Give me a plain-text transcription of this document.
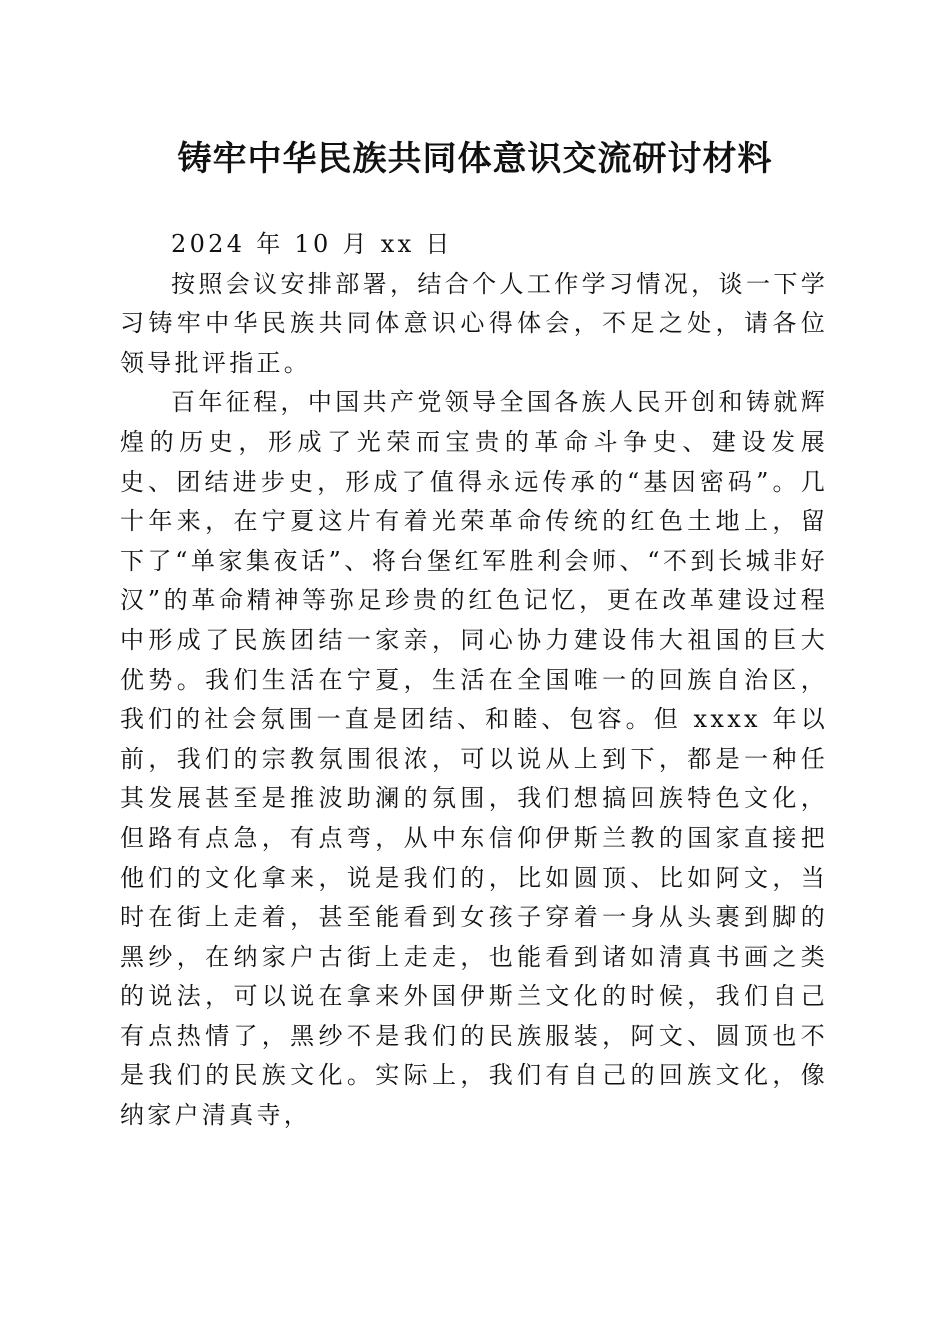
铸牢中华民族共同体意识交流研讨材料

2024 年 10 月 xx 日

按照会议安排部署，结合个人工作学习情况，谈一下学习铸牢中华民族共同体意识心得体会，不足之处，请各位领导批评指正。

百年征程，中国共产党领导全国各族人民开创和铸就辉煌的历史，形成了光荣而宝贵的革命斗争史、建设发展史、团结进步史，形成了值得永远传承的“基因密码”。几十年来，在宁夏这片有着光荣革命传统的红色土地上，留下了“单家集夜话”、将台堡红军胜利会师、“不到长城非好汉”的革命精神等弥足珍贵的红色记忆，更在改革建设过程中形成了民族团结一家亲，同心协力建设伟大祖国的巨大优势。我们生活在宁夏，生活在全国唯一的回族自治区，我们的社会氛围一直是团结、和睦、包容。但 xxxx 年以前，我们的宗教氛围很浓，可以说从上到下，都是一种任其发展甚至是推波助澜的氛围，我们想搞回族特色文化，但路有点急，有点弯，从中东信仰伊斯兰教的国家直接把他们的文化拿来，说是我们的，比如圆顶、比如阿文，当时在街上走着，甚至能看到女孩子穿着一身从头裹到脚的黑纱，在纳家户古街上走走，也能看到诸如清真书画之类的说法，可以说在拿来外国伊斯兰文化的时候，我们自己有点热情了，黑纱不是我们的民族服装，阿文、圆顶也不是我们的民族文化。实际上，我们有自己的回族文化，像纳家户清真寺，
